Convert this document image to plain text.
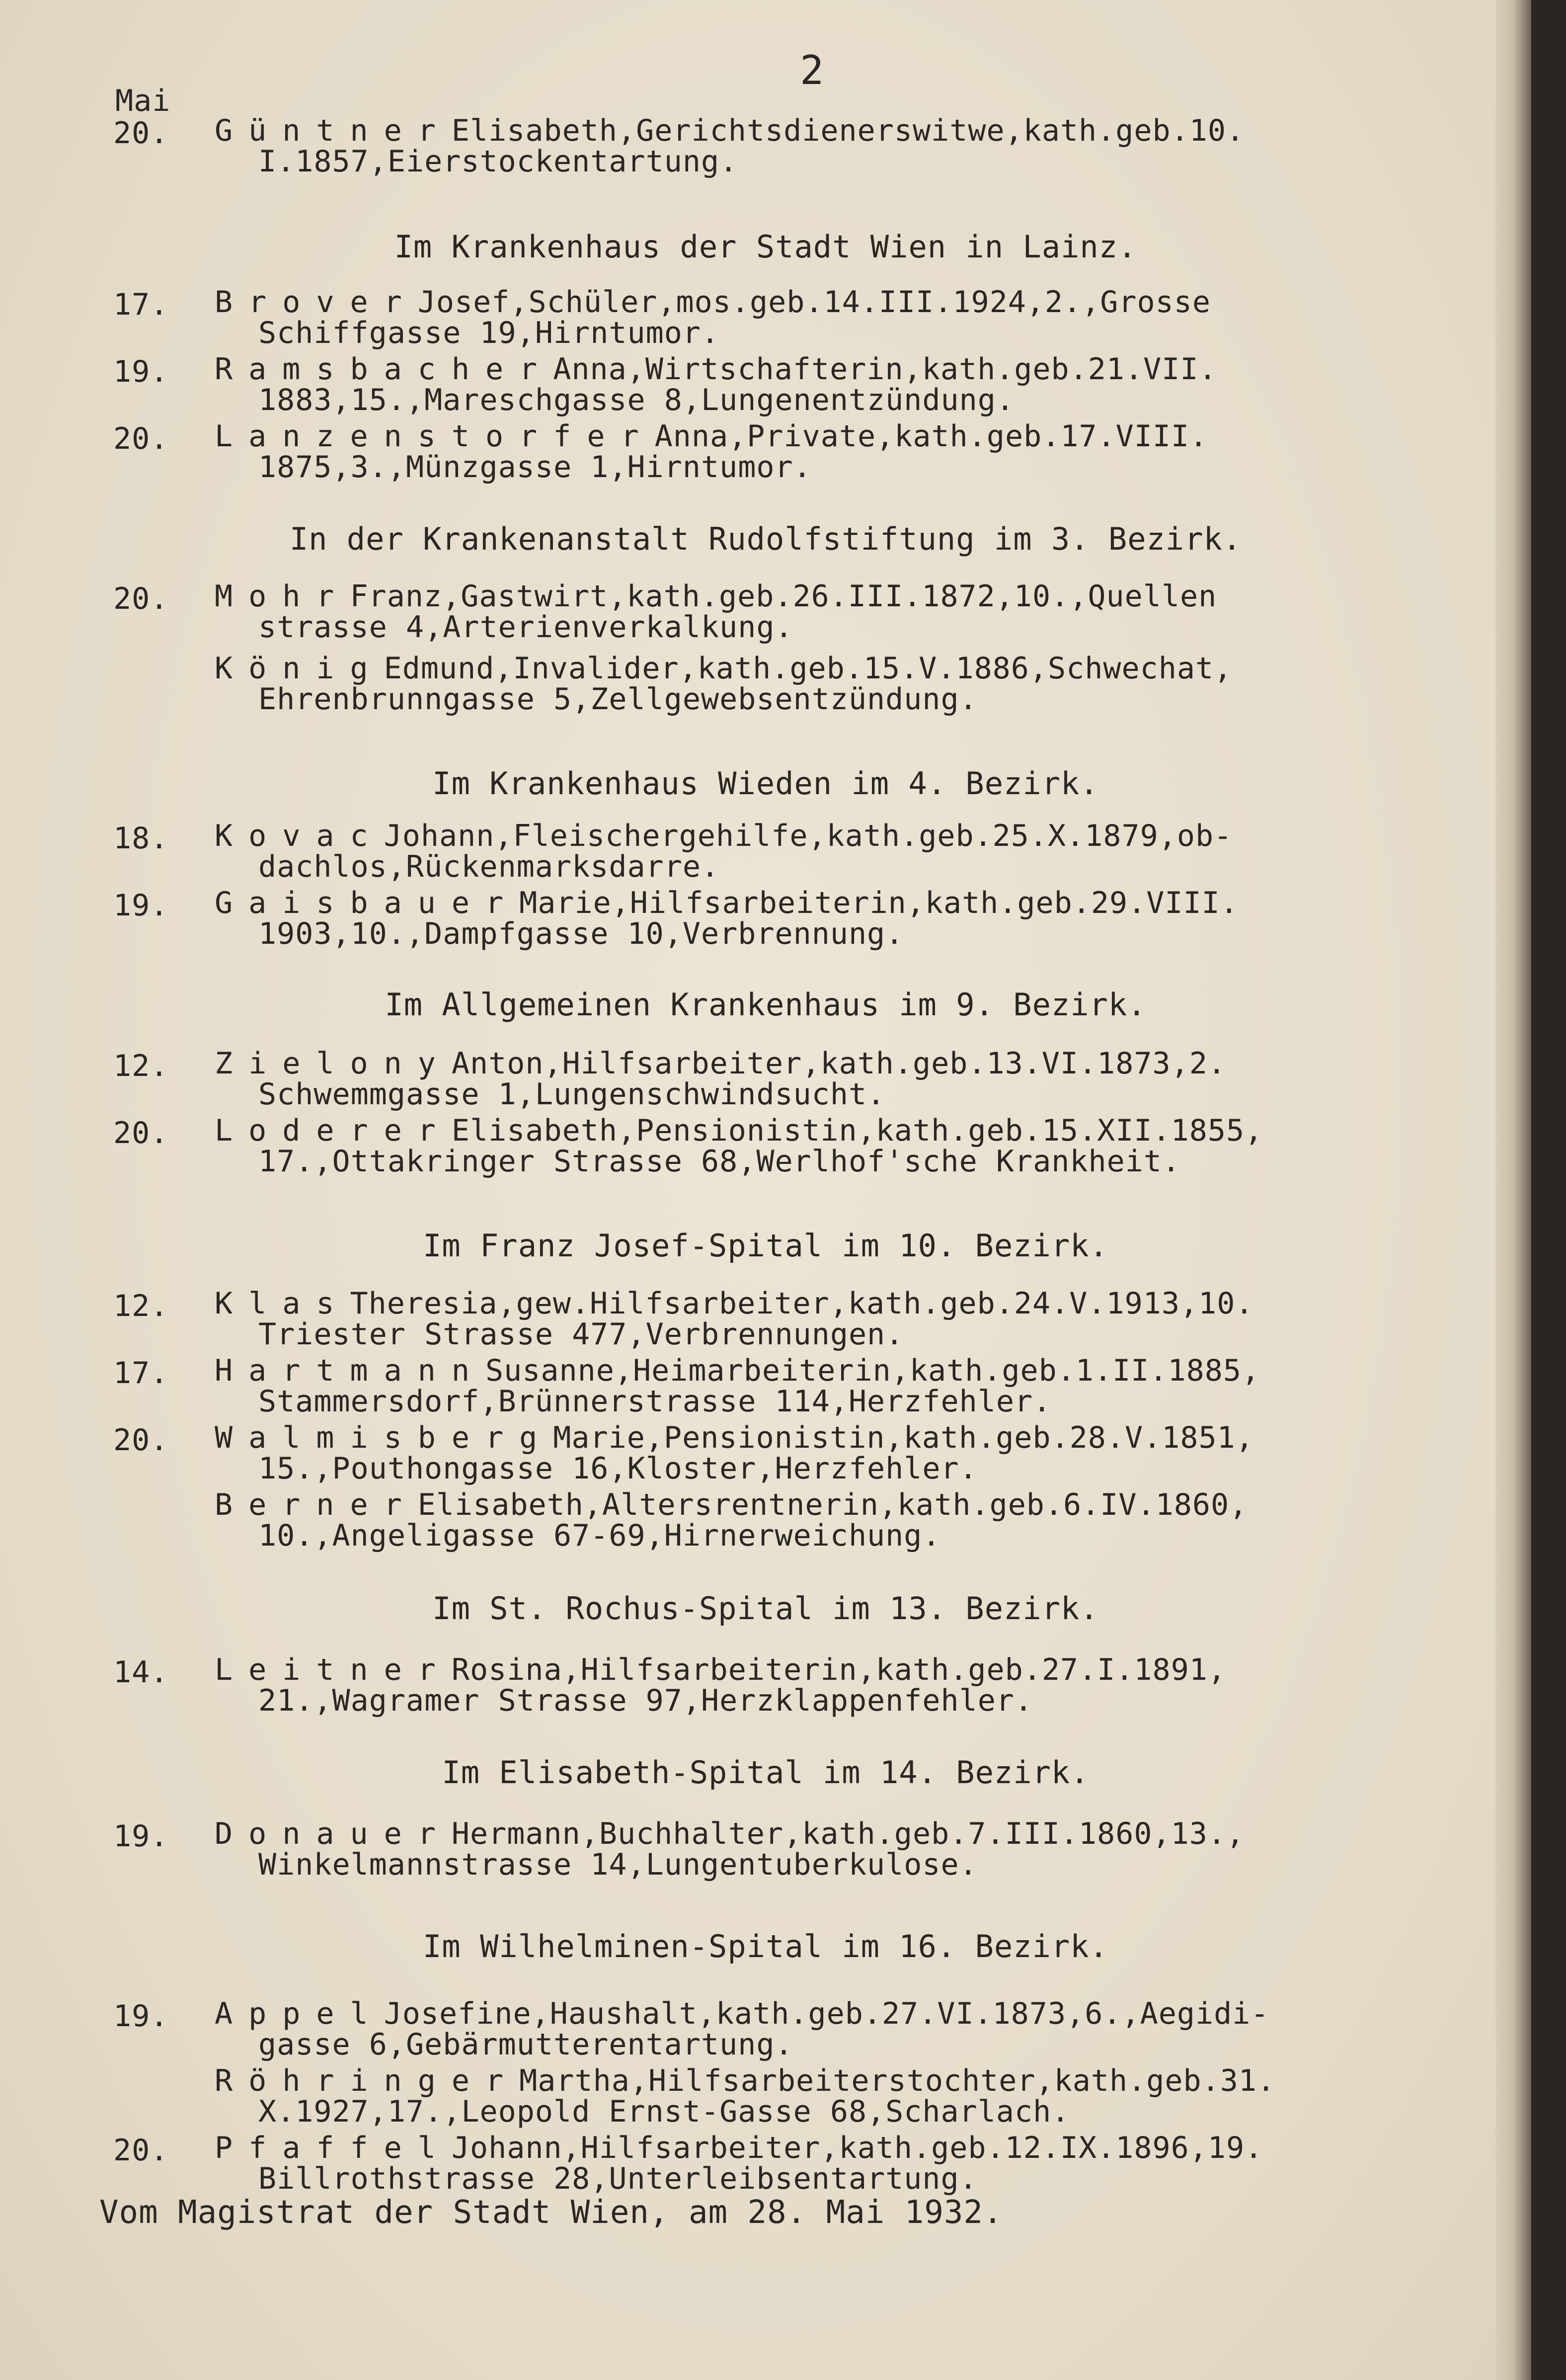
2
Mai
20.	GüntnerElisabeth,Gerichtsdienerswitwe,kath.geb.10.
I.1857,Eierstockentartung.
Im Krankenhaus der Stadt Wien in Lainz.
17.	BroverJosef,Schüler,mos.geb.14.III.1924,2.,Grosse
Schiffgasse 19,Hirntumor.
19.	RamsbacherAnna,Wirtschafterin,kath.geb.21.VII.
1883,15.,Mareschgasse 8,Lungenentzündung.
20.	LanzenstorferAnna,Private,kath.geb.17.VIII.
1875,3.,Münzgasse 1,Hirntumor.
In der Krankenanstalt Rudolfstiftung im 3. Bezirk.
20.	MohrFranz,Gastwirt,kath.geb.26.III.1872,10.,Quellen
strasse 4,Arterienverkalkung.
KönigEdmund,Invalider,kath.geb.15.V.1886,Schwechat,
Ehrenbrunngasse 5,Zellgewebsentzündung.
Im Krankenhaus Wieden im 4. Bezirk.
18.	KovacJohann,Fleischergehilfe,kath.geb.25.X.1879,ob-
dachlos,Rückenmarksdarre.
19.	GaisbauerMarie,Hilfsarbeiterin,kath.geb.29.VIII.
1903,10.,Dampfgasse 10,Verbrennung.
Im Allgemeinen Krankenhaus im 9. Bezirk.
12.	ZielonyAnton,Hilfsarbeiter,kath.geb.13.VI.1873,2.
Schwemmgasse 1,Lungenschwindsucht.
20.	LodererElisabeth,Pensionistin,kath.geb.15.XII.1855,
17.,Ottakringer Strasse 68,Werlhof'sche Krankheit.
Im Franz Josef-Spital im 10. Bezirk.
12.	KlasTheresia,gew.Hilfsarbeiter,kath.geb.24.V.1913,10.
Triester Strasse 477,Verbrennungen.
17.	HartmannSusanne,Heimarbeiterin,kath.geb.1.II.1885,
Stammersdorf,Brünnerstrasse 114,Herzfehler.
20.	WalmisbergMarie,Pensionistin,kath.geb.28.V.1851,
15.,Pouthongasse 16,Kloster,Herzfehler.
BernerElisabeth,Altersrentnerin,kath.geb.6.IV.1860,
10.,Angeligasse 67-69,Hirnerweichung.
Im St. Rochus-Spital im 13. Bezirk.
14.	LeitnerRosina,Hilfsarbeiterin,kath.geb.27.I.1891,
21.,Wagramer Strasse 97,Herzklappenfehler.
Im Elisabeth-Spital im 14. Bezirk.
19.	DonauerHermann,Buchhalter,kath.geb.7.III.1860,13.,
Winkelmannstrasse 14,Lungentuberkulose.
Im Wilhelminen-Spital im 16. Bezirk.
19.	AppelJosefine,Haushalt,kath.geb.27.VI.1873,6.,Aegidi-
gasse 6,Gebärmutterentartung.
RöhringerMartha,Hilfsarbeiterstochter,kath.geb.31.
X.1927,17.,Leopold Ernst-Gasse 68,Scharlach.
20.	PfaffelJohann,Hilfsarbeiter,kath.geb.12.IX.1896,19.
Billrothstrasse 28,Unterleibsentartung.
Vom Magistrat der Stadt Wien, am 28. Mai 1932.
